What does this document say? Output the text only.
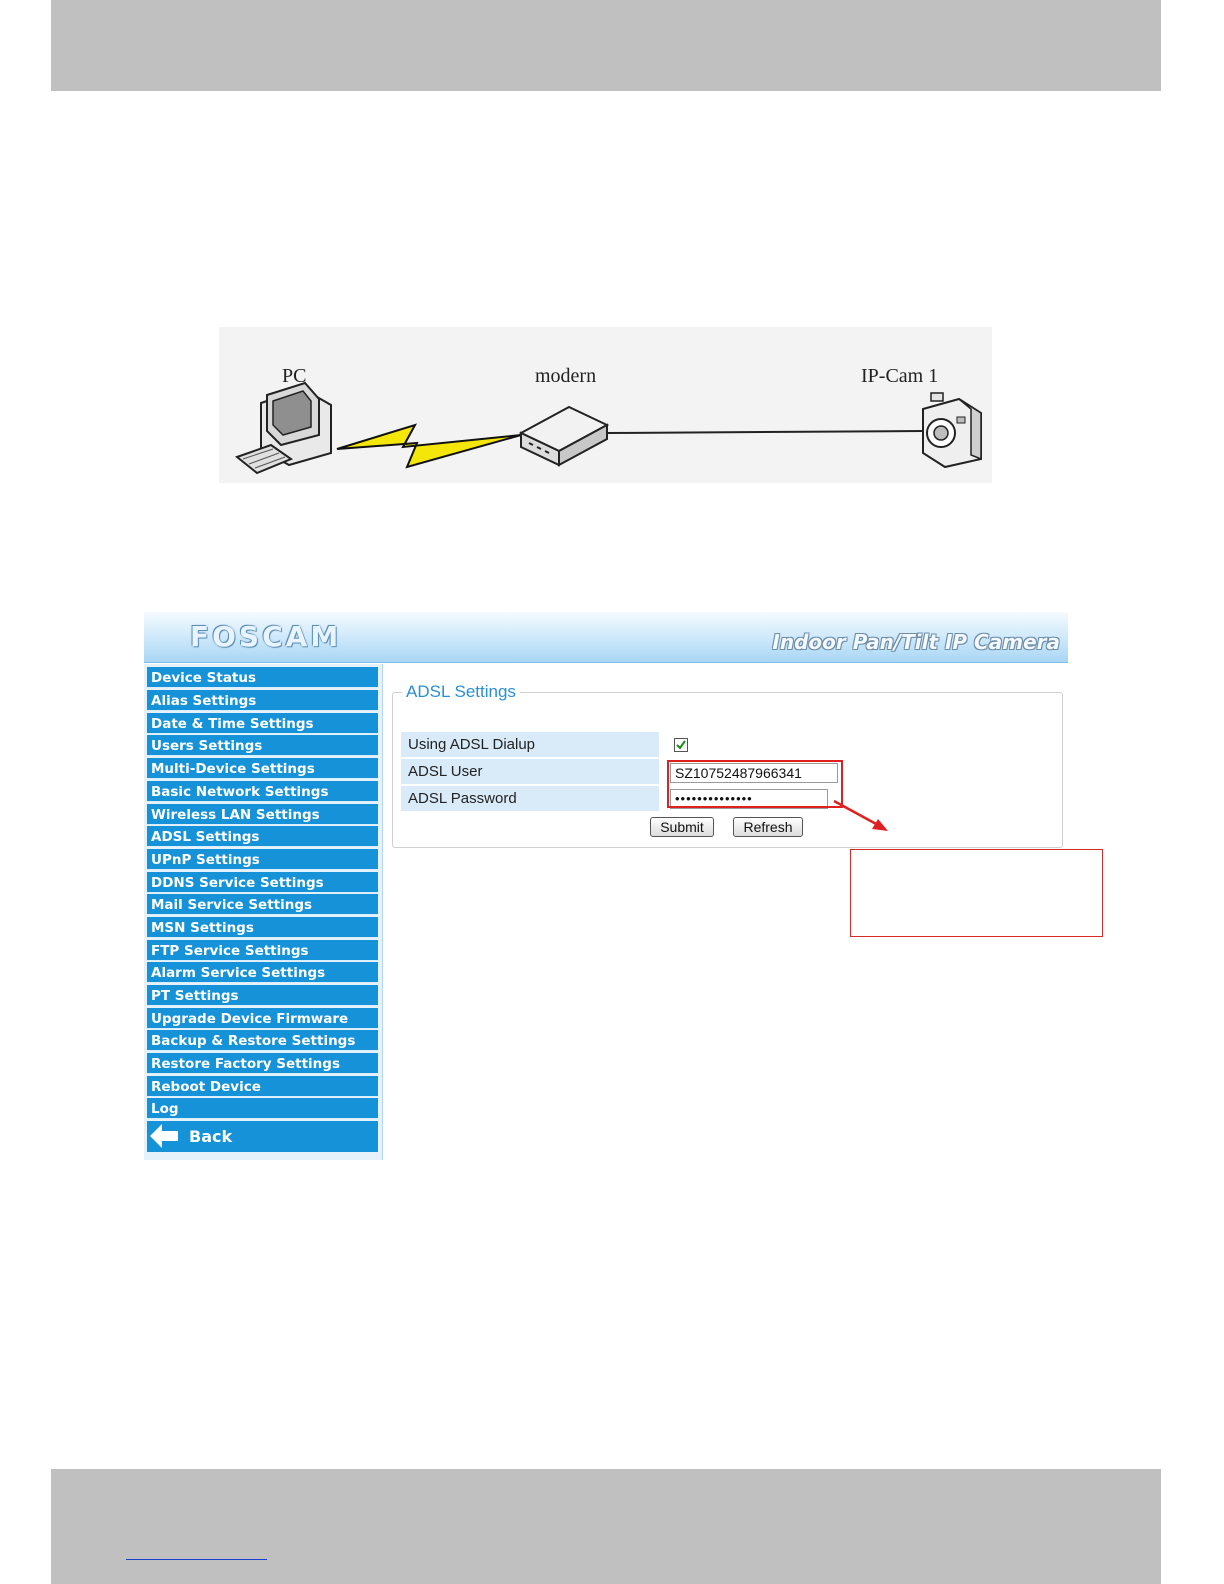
PC	modern	IP-Cam 1
FOSCAM	Indoor Pan/Tilt IP Camera
Device Status
Alias Settings
Date & Time Settings
Users Settings
Multi-Device Settings
Basic Network Settings
Wireless LAN Settings
ADSL Settings
UPnP Settings
DDNS Service Settings
Mail Service Settings
MSN Settings
FTP Service Settings
Alarm Service Settings
PT Settings
Upgrade Device Firmware
Backup & Restore Settings
Restore Factory Settings
Reboot Device
Log
Back
ADSL Settings
Using ADSL Dialup
ADSL User	SZ10752487966341
ADSL Password	••••••••••••••
Submit	Refresh
